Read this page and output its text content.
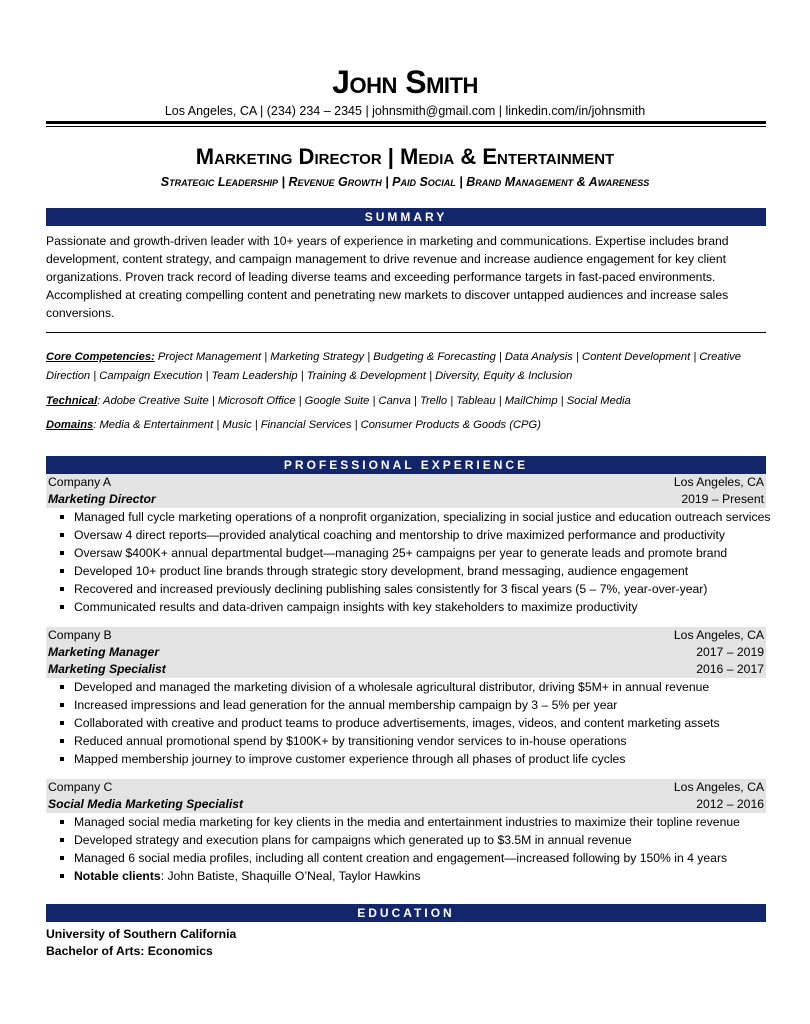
John Smith
Los Angeles, CA | (234) 234 – 2345 | johnsmith@gmail.com | linkedin.com/in/johnsmith
Marketing Director | Media & Entertainment
Strategic Leadership | Revenue Growth | Paid Social | Brand Management & Awareness
SUMMARY
Passionate and growth-driven leader with 10+ years of experience in marketing and communications. Expertise includes brand development, content strategy, and campaign management to drive revenue and increase audience engagement for key client organizations. Proven track record of leading diverse teams and exceeding performance targets in fast-paced environments. Accomplished at creating compelling content and penetrating new markets to discover untapped audiences and increase sales conversions.
Core Competencies: Project Management | Marketing Strategy | Budgeting & Forecasting | Data Analysis | Content Development | Creative Direction | Campaign Execution | Team Leadership | Training & Development | Diversity, Equity & Inclusion
Technical: Adobe Creative Suite | Microsoft Office | Google Suite | Canva | Trello | Tableau | MailChimp | Social Media
Domains: Media & Entertainment | Music | Financial Services | Consumer Products & Goods (CPG)
PROFESSIONAL EXPERIENCE
Company A	Los Angeles, CA
Marketing Director	2019 – Present
Managed full cycle marketing operations of a nonprofit organization, specializing in social justice and education outreach services
Oversaw 4 direct reports—provided analytical coaching and mentorship to drive maximized performance and productivity
Oversaw $400K+ annual departmental budget—managing 25+ campaigns per year to generate leads and promote brand
Developed 10+ product line brands through strategic story development, brand messaging, audience engagement
Recovered and increased previously declining publishing sales consistently for 3 fiscal years (5 – 7%, year-over-year)
Communicated results and data-driven campaign insights with key stakeholders to maximize productivity
Company B	Los Angeles, CA
Marketing Manager	2017 – 2019
Marketing Specialist	2016 – 2017
Developed and managed the marketing division of a wholesale agricultural distributor, driving $5M+ in annual revenue
Increased impressions and lead generation for the annual membership campaign by 3 – 5% per year
Collaborated with creative and product teams to produce advertisements, images, videos, and content marketing assets
Reduced annual promotional spend by $100K+ by transitioning vendor services to in-house operations
Mapped membership journey to improve customer experience through all phases of product life cycles
Company C	Los Angeles, CA
Social Media Marketing Specialist	2012 – 2016
Managed social media marketing for key clients in the media and entertainment industries to maximize their topline revenue
Developed strategy and execution plans for campaigns which generated up to $3.5M in annual revenue
Managed 6 social media profiles, including all content creation and engagement—increased following by 150% in 4 years
Notable clients: John Batiste, Shaquille O’Neal, Taylor Hawkins
EDUCATION
University of Southern California
Bachelor of Arts: Economics
